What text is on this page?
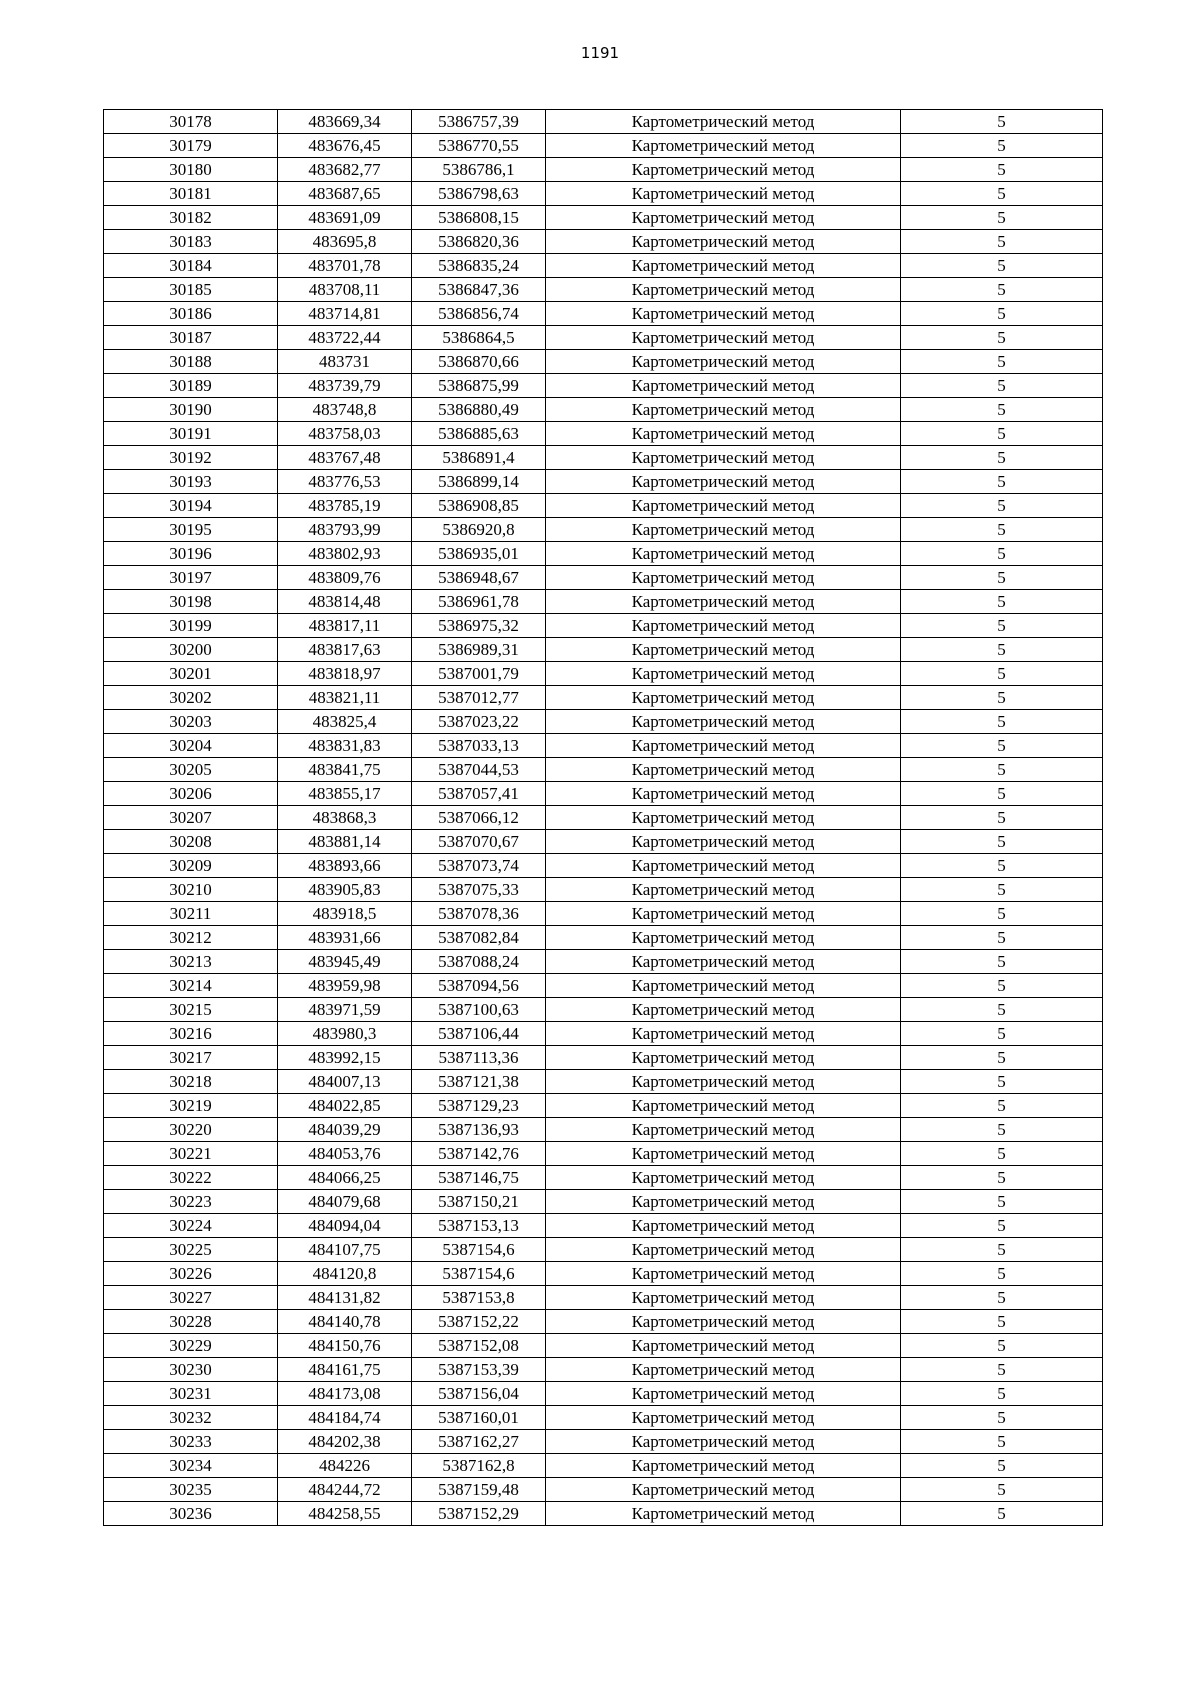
1191
30178	483669,34	5386757,39	Картометрический метод	5
30179	483676,45	5386770,55	Картометрический метод	5
30180	483682,77	5386786,1	Картометрический метод	5
30181	483687,65	5386798,63	Картометрический метод	5
30182	483691,09	5386808,15	Картометрический метод	5
30183	483695,8	5386820,36	Картометрический метод	5
30184	483701,78	5386835,24	Картометрический метод	5
30185	483708,11	5386847,36	Картометрический метод	5
30186	483714,81	5386856,74	Картометрический метод	5
30187	483722,44	5386864,5	Картометрический метод	5
30188	483731	5386870,66	Картометрический метод	5
30189	483739,79	5386875,99	Картометрический метод	5
30190	483748,8	5386880,49	Картометрический метод	5
30191	483758,03	5386885,63	Картометрический метод	5
30192	483767,48	5386891,4	Картометрический метод	5
30193	483776,53	5386899,14	Картометрический метод	5
30194	483785,19	5386908,85	Картометрический метод	5
30195	483793,99	5386920,8	Картометрический метод	5
30196	483802,93	5386935,01	Картометрический метод	5
30197	483809,76	5386948,67	Картометрический метод	5
30198	483814,48	5386961,78	Картометрический метод	5
30199	483817,11	5386975,32	Картометрический метод	5
30200	483817,63	5386989,31	Картометрический метод	5
30201	483818,97	5387001,79	Картометрический метод	5
30202	483821,11	5387012,77	Картометрический метод	5
30203	483825,4	5387023,22	Картометрический метод	5
30204	483831,83	5387033,13	Картометрический метод	5
30205	483841,75	5387044,53	Картометрический метод	5
30206	483855,17	5387057,41	Картометрический метод	5
30207	483868,3	5387066,12	Картометрический метод	5
30208	483881,14	5387070,67	Картометрический метод	5
30209	483893,66	5387073,74	Картометрический метод	5
30210	483905,83	5387075,33	Картометрический метод	5
30211	483918,5	5387078,36	Картометрический метод	5
30212	483931,66	5387082,84	Картометрический метод	5
30213	483945,49	5387088,24	Картометрический метод	5
30214	483959,98	5387094,56	Картометрический метод	5
30215	483971,59	5387100,63	Картометрический метод	5
30216	483980,3	5387106,44	Картометрический метод	5
30217	483992,15	5387113,36	Картометрический метод	5
30218	484007,13	5387121,38	Картометрический метод	5
30219	484022,85	5387129,23	Картометрический метод	5
30220	484039,29	5387136,93	Картометрический метод	5
30221	484053,76	5387142,76	Картометрический метод	5
30222	484066,25	5387146,75	Картометрический метод	5
30223	484079,68	5387150,21	Картометрический метод	5
30224	484094,04	5387153,13	Картометрический метод	5
30225	484107,75	5387154,6	Картометрический метод	5
30226	484120,8	5387154,6	Картометрический метод	5
30227	484131,82	5387153,8	Картометрический метод	5
30228	484140,78	5387152,22	Картометрический метод	5
30229	484150,76	5387152,08	Картометрический метод	5
30230	484161,75	5387153,39	Картометрический метод	5
30231	484173,08	5387156,04	Картометрический метод	5
30232	484184,74	5387160,01	Картометрический метод	5
30233	484202,38	5387162,27	Картометрический метод	5
30234	484226	5387162,8	Картометрический метод	5
30235	484244,72	5387159,48	Картометрический метод	5
30236	484258,55	5387152,29	Картометрический метод	5
